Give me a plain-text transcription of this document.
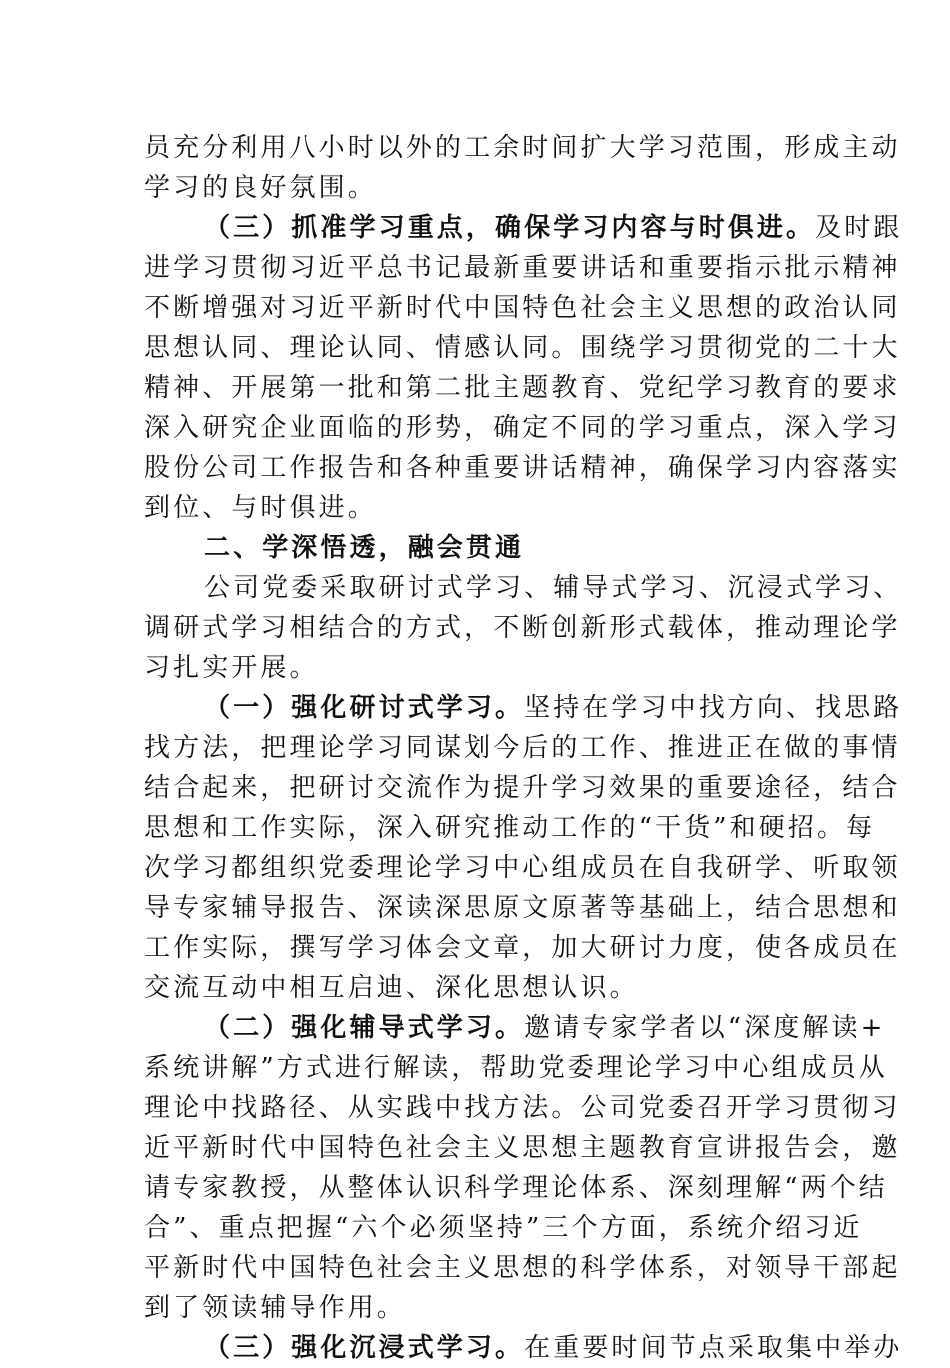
员充分利用八小时以外的工余时间扩大学习范围，形成主动
学习的良好氛围。
（三）抓准学习重点，确保学习内容与时俱进。及时跟
进学习贯彻习近平总书记最新重要讲话和重要指示批示精神
不断增强对习近平新时代中国特色社会主义思想的政治认同
思想认同、理论认同、情感认同。围绕学习贯彻党的二十大
精神、开展第一批和第二批主题教育、党纪学习教育的要求
深入研究企业面临的形势，确定不同的学习重点，深入学习
股份公司工作报告和各种重要讲话精神，确保学习内容落实
到位、与时俱进。
二、学深悟透，融会贯通
公司党委采取研讨式学习、辅导式学习、沉浸式学习、
调研式学习相结合的方式，不断创新形式载体，推动理论学
习扎实开展。
（一）强化研讨式学习。坚持在学习中找方向、找思路
找方法，把理论学习同谋划今后的工作、推进正在做的事情
结合起来，把研讨交流作为提升学习效果的重要途径，结合
思想和工作实际，深入研究推动工作的“干货”和硬招。每
次学习都组织党委理论学习中心组成员在自我研学、听取领
导专家辅导报告、深读深思原文原著等基础上，结合思想和
工作实际，撰写学习体会文章，加大研讨力度，使各成员在
交流互动中相互启迪、深化思想认识。
（二）强化辅导式学习。邀请专家学者以“深度解读+
系统讲解”方式进行解读，帮助党委理论学习中心组成员从
理论中找路径、从实践中找方法。公司党委召开学习贯彻习
近平新时代中国特色社会主义思想主题教育宣讲报告会，邀
请专家教授，从整体认识科学理论体系、深刻理解“两个结
合”、重点把握“六个必须坚持”三个方面，系统介绍习近
平新时代中国特色社会主义思想的科学体系，对领导干部起
到了领读辅导作用。
（三）强化沉浸式学习。在重要时间节点采取集中举办
